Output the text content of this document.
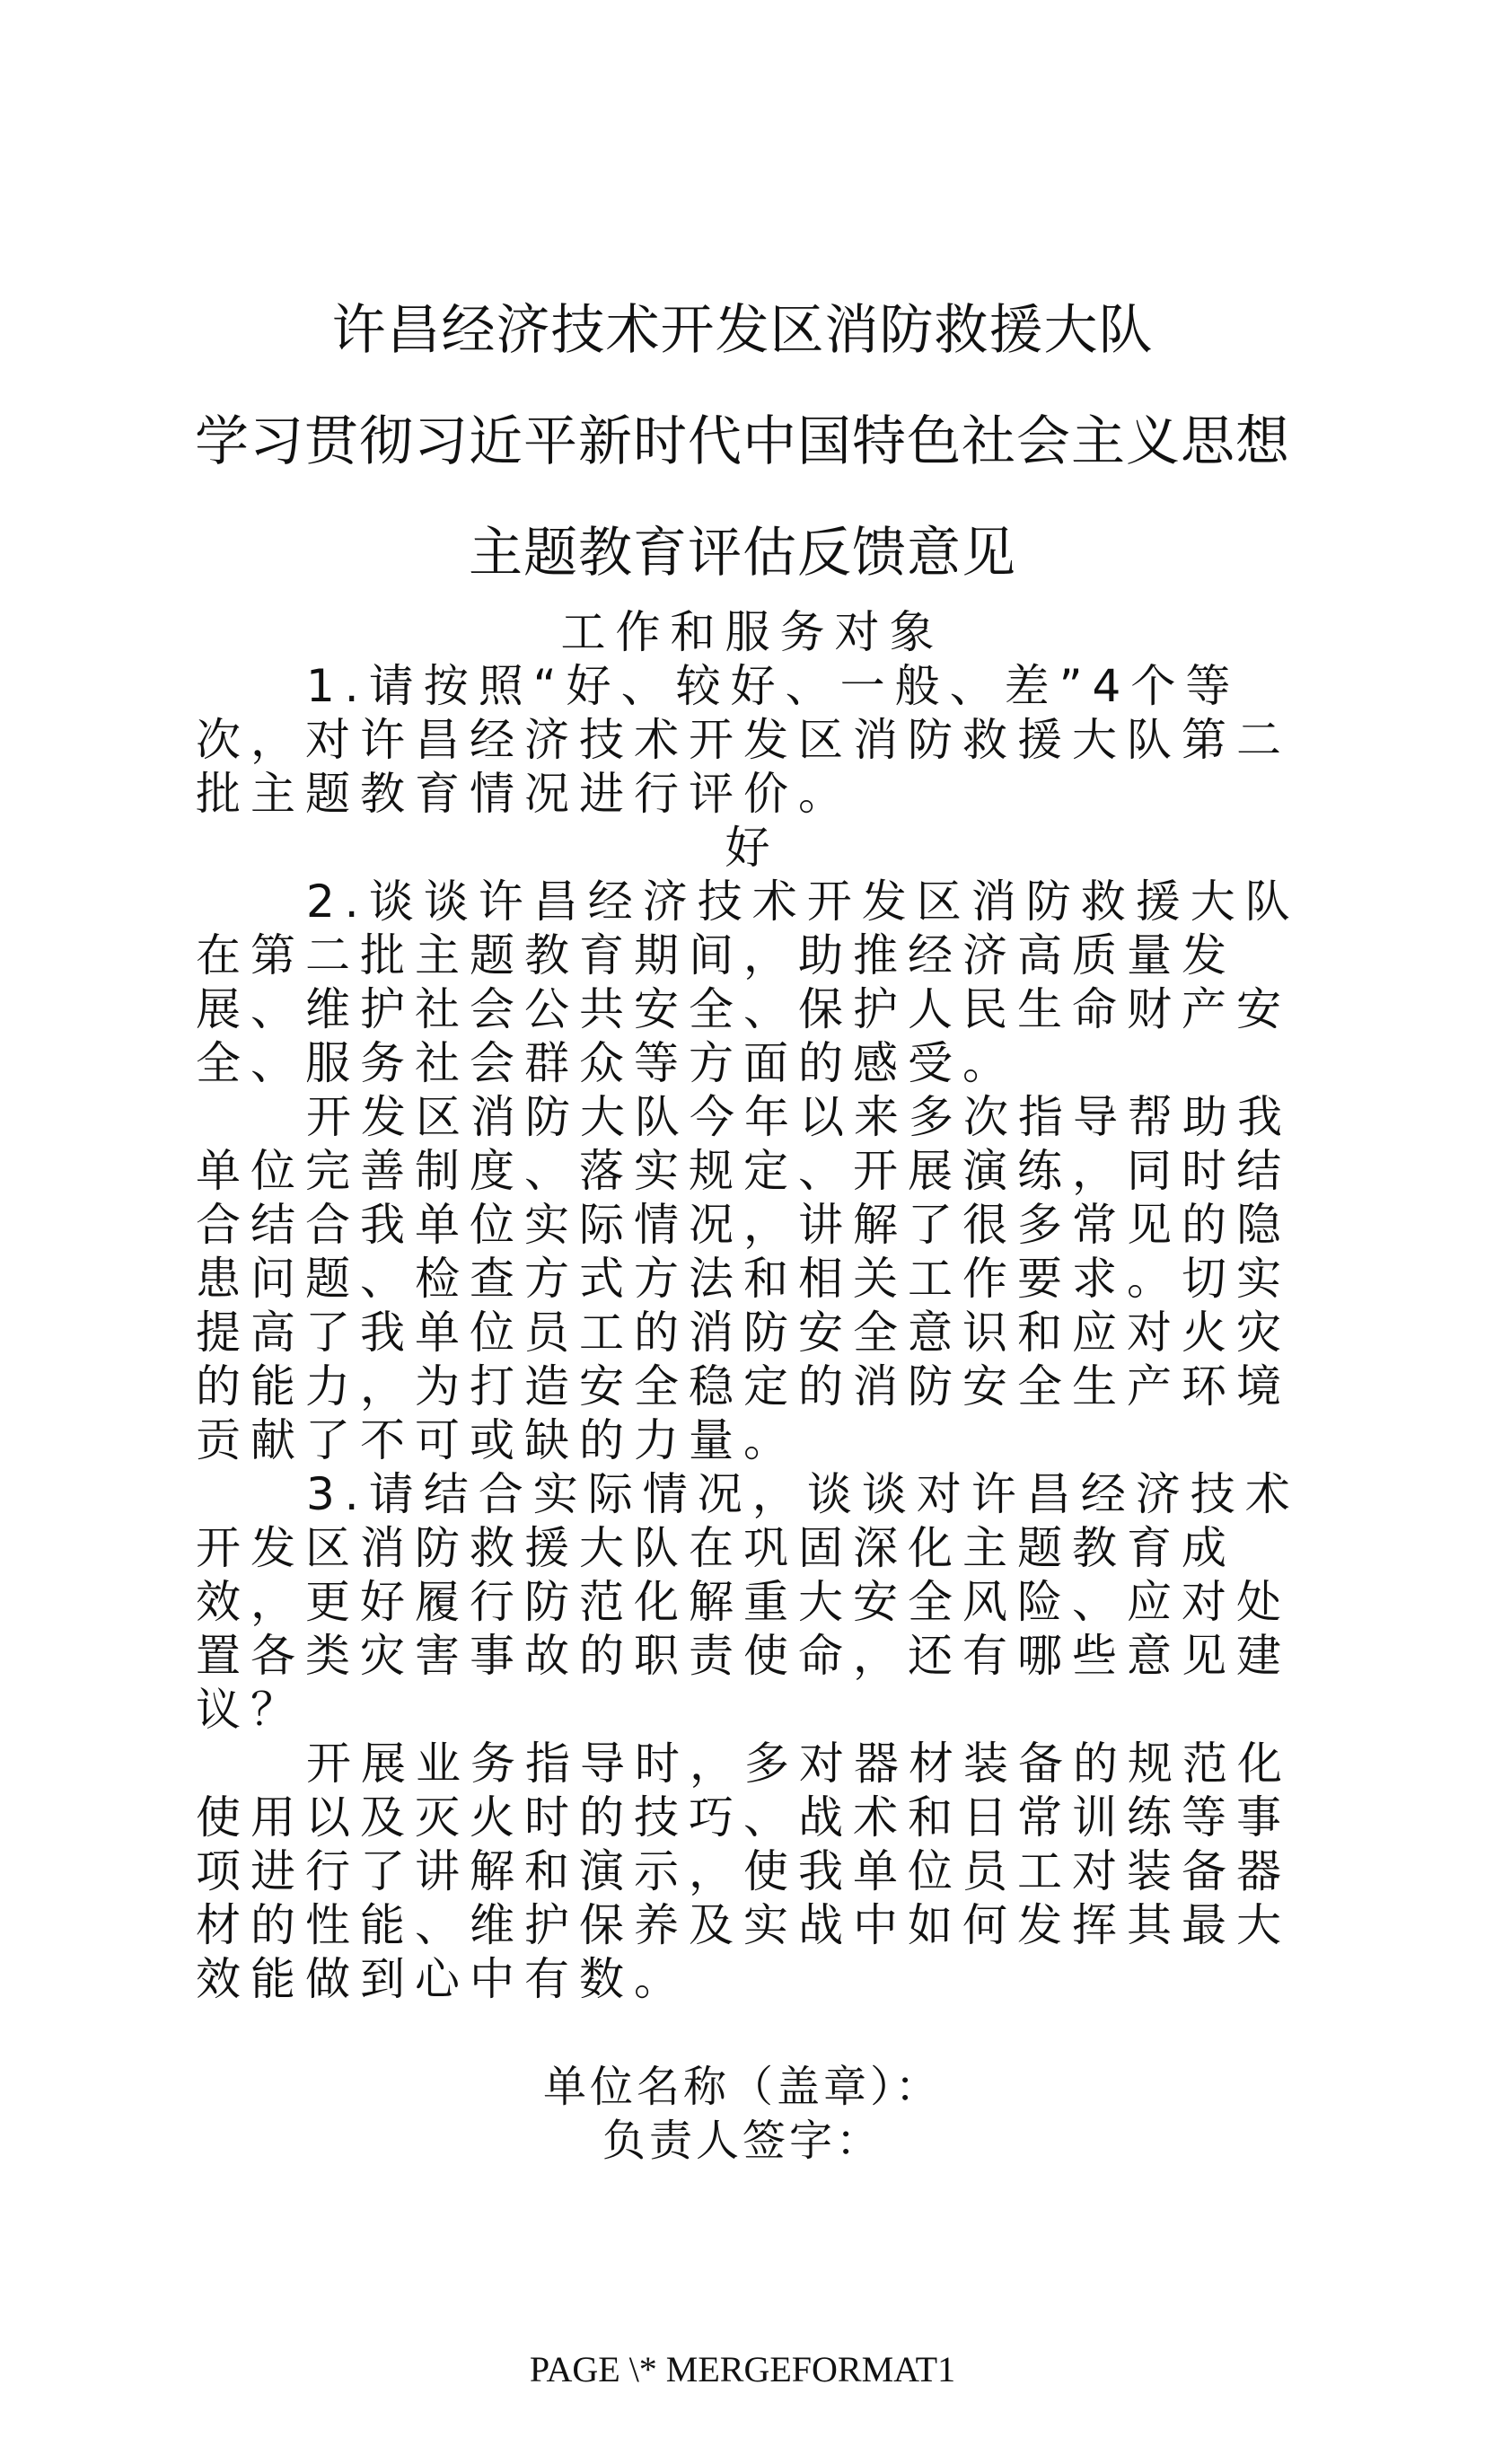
许昌经济技术开发区消防救援大队
学习贯彻习近平新时代中国特色社会主义思想
主题教育评估反馈意见

工作和服务对象

1.请按照“好、较好、一般、差”4个等次，对许昌经济技术开发区消防救援大队第二批主题教育情况进行评价。

好

2.谈谈许昌经济技术开发区消防救援大队在第二批主题教育期间，助推经济高质量发展、维护社会公共安全、保护人民生命财产安全、服务社会群众等方面的感受。

开发区消防大队今年以来多次指导帮助我单位完善制度、落实规定、开展演练，同时结合结合我单位实际情况，讲解了很多常见的隐患问题、检查方式方法和相关工作要求。切实提高了我单位员工的消防安全意识和应对火灾的能力，为打造安全稳定的消防安全生产环境贡献了不可或缺的力量。

3.请结合实际情况，谈谈对许昌经济技术开发区消防救援大队在巩固深化主题教育成效，更好履行防范化解重大安全风险、应对处置各类灾害事故的职责使命，还有哪些意见建议？

开展业务指导时，多对器材装备的规范化使用以及灭火时的技巧、战术和日常训练等事项进行了讲解和演示，使我单位员工对装备器材的性能、维护保养及实战中如何发挥其最大效能做到心中有数。

单位名称（盖章）：
负责人签字：
PAGE \* MERGEFORMAT1
